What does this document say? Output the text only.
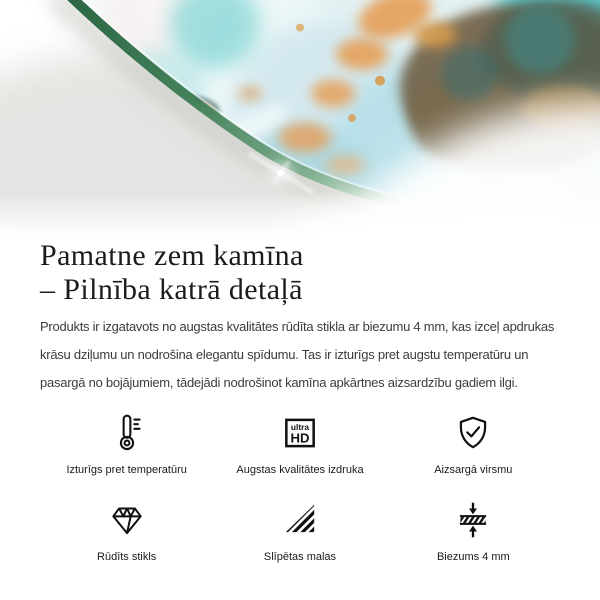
Pamatne zem kamīna
– Pilnība katrā detaļā

Produkts ir izgatavots no augstas kvalitātes rūdīta stikla ar biezumu 4 mm, kas izceļ apdrukas krāsu dziļumu un nodrošina elegantu spīdumu. Tas ir izturīgs pret augstu temperatūru un pasargā no bojājumiem, tādejādi nodrošinot kamīna apkārtnes aizsardzību gadiem ilgi.

Izturīgs pret temperatūru
ultra
HD
Augstas kvalitātes izdruka	Aizsargā virsmu
Rūdīts stikls	Slīpētas malas	Biezums 4 mm
